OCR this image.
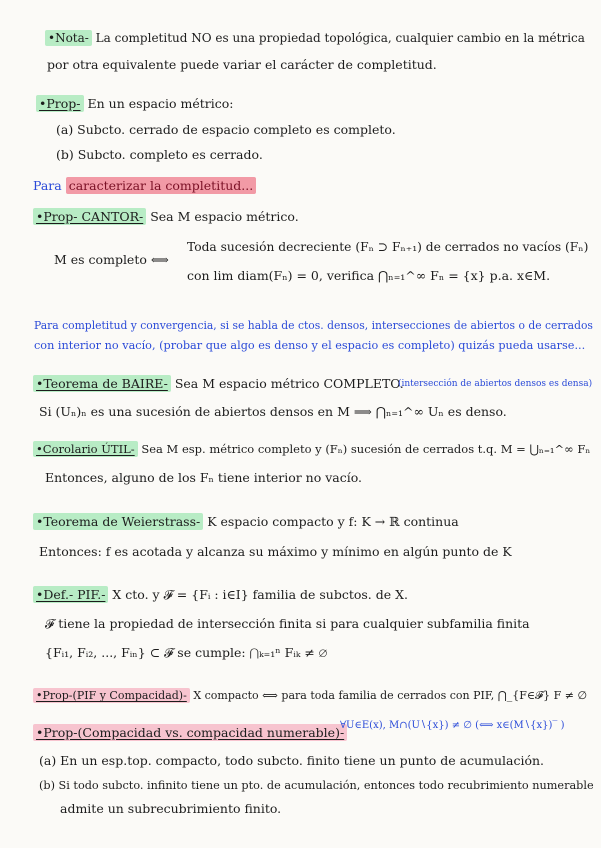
•Nota- La completitud NO es una propiedad topológica, cualquier cambio en la métrica
por otra equivalente puede variar el carácter de completitud.
•Prop- En un espacio métrico:
(a) Subcto. cerrado de espacio completo es completo.
(b) Subcto. completo es cerrado.
Para caracterizar la completitud...
•Prop- CANTOR- Sea M espacio métrico.
M es completo ⟺
Toda sucesión decreciente (Fₙ ⊃ Fₙ₊₁) de cerrados no vacíos (Fₙ)
con lim diam(Fₙ) = 0, verifica ⋂ₙ₌₁^∞ Fₙ = {x} p.a. x∈M.
Para completitud y convergencia, si se habla de ctos. densos, intersecciones de abiertos o de cerrados
con interior no vacío, (probar que algo es denso y el espacio es completo) quizás pueda usarse...
•Teorema de BAIRE- Sea M espacio métrico COMPLETO.
(intersección de abiertos densos es densa)
Si (Uₙ)ₙ es una sucesión de abiertos densos en M ⟹ ⋂ₙ₌₁^∞ Uₙ es denso.
•Corolario ÚTIL- Sea M esp. métrico completo y (Fₙ) sucesión de cerrados t.q. M = ⋃ₙ₌₁^∞ Fₙ
Entonces, alguno de los Fₙ tiene interior no vacío.
•Teorema de Weierstrass- K espacio compacto y f: K → ℝ continua
Entonces: f es acotada y alcanza su máximo y mínimo en algún punto de K
•Def.- PIF.- X cto. y 𝓕 = {Fᵢ : i∈I} familia de subctos. de X.
𝓕 tiene la propiedad de intersección finita si para cualquier subfamilia finita
{Fᵢ₁, Fᵢ₂, ..., Fᵢₙ} ⊂ 𝓕 se cumple: ⋂ₖ₌₁ⁿ Fᵢₖ ≠ ∅
•Prop-(PIF y Compacidad)- X compacto ⟺ para toda familia de cerrados con PIF, ⋂_{F∈𝓕} F ≠ ∅
•Prop-(Compacidad vs. compacidad numerable)-
∀U∈E(x), M∩(U∖{x}) ≠ ∅ (⟺ x∈(M∖{x})‾ )
(a) En un esp.top. compacto, todo subcto. finito tiene un punto de acumulación.
(b) Si todo subcto. infinito tiene un pto. de acumulación, entonces todo recubrimiento numerable
admite un subrecubrimiento finito.
